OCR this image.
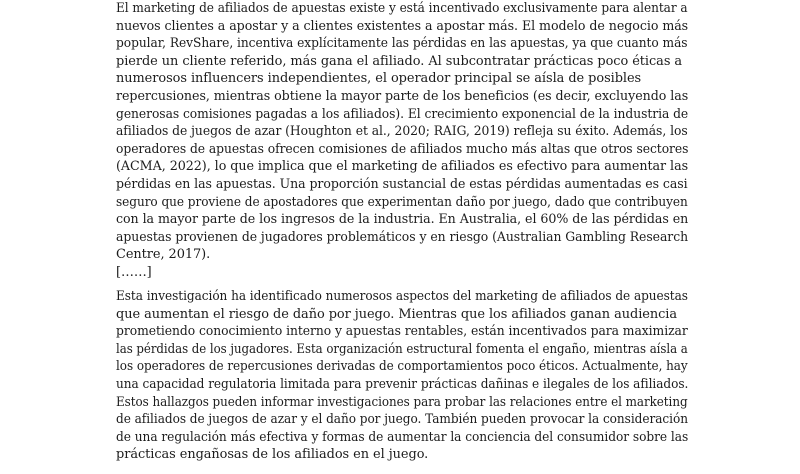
El marketing de afiliados de apuestas existe y está incentivado exclusivamente para alentar a
nuevos clientes a apostar y a clientes existentes a apostar más. El modelo de negocio más
popular, RevShare, incentiva explícitamente las pérdidas en las apuestas, ya que cuanto más
pierde un cliente referido, más gana el afiliado. Al subcontratar prácticas poco éticas a
numerosos influencers independientes, el operador principal se aísla de posibles
repercusiones, mientras obtiene la mayor parte de los beneficios (es decir, excluyendo las
generosas comisiones pagadas a los afiliados). El crecimiento exponencial de la industria de
afiliados de juegos de azar (Houghton et al., 2020; RAIG, 2019) refleja su éxito. Además, los
operadores de apuestas ofrecen comisiones de afiliados mucho más altas que otros sectores
(ACMA, 2022), lo que implica que el marketing de afiliados es efectivo para aumentar las
pérdidas en las apuestas. Una proporción sustancial de estas pérdidas aumentadas es casi
seguro que proviene de apostadores que experimentan daño por juego, dado que contribuyen
con la mayor parte de los ingresos de la industria. En Australia, el 60% de las pérdidas en
apuestas provienen de jugadores problemáticos y en riesgo (Australian Gambling Research
Centre, 2017).
[……]

Esta investigación ha identificado numerosos aspectos del marketing de afiliados de apuestas
que aumentan el riesgo de daño por juego. Mientras que los afiliados ganan audiencia
prometiendo conocimiento interno y apuestas rentables, están incentivados para maximizar
las pérdidas de los jugadores. Esta organización estructural fomenta el engaño, mientras aísla a
los operadores de repercusiones derivadas de comportamientos poco éticos. Actualmente, hay
una capacidad regulatoria limitada para prevenir prácticas dañinas e ilegales de los afiliados.
Estos hallazgos pueden informar investigaciones para probar las relaciones entre el marketing
de afiliados de juegos de azar y el daño por juego. También pueden provocar la consideración
de una regulación más efectiva y formas de aumentar la conciencia del consumidor sobre las
prácticas engañosas de los afiliados en el juego.
